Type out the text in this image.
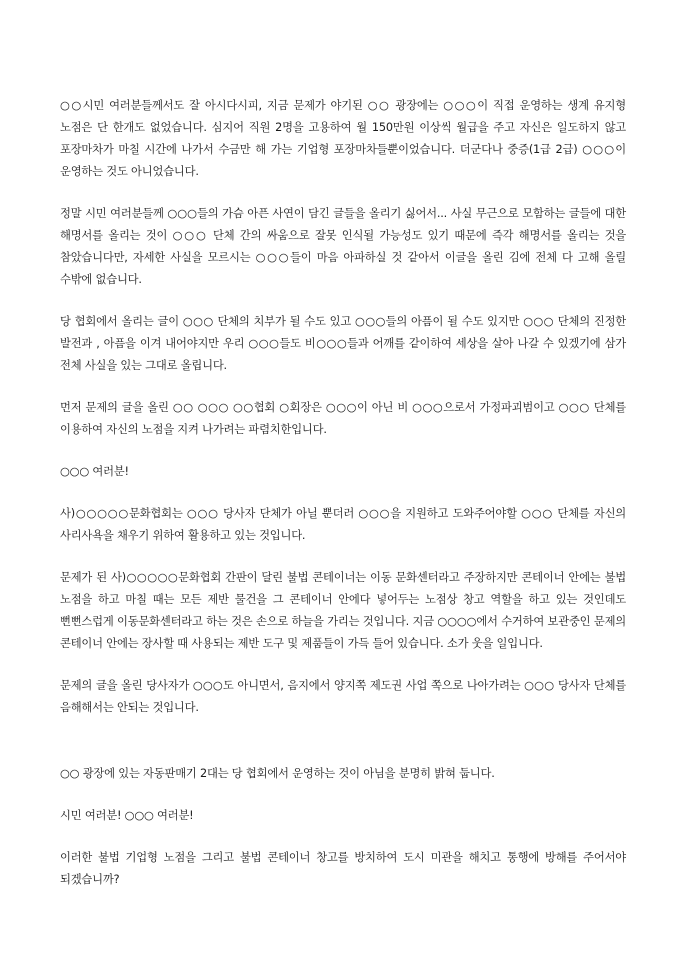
○○시민 여러분들께서도 잘 아시다시피, 지금 문제가 야기된 ○○ 광장에는 ○○○이 직접 운영하는 생계 유지형 노점은 단 한개도 없었습니다. 심지어 직원 2명을 고용하여 월 150만원 이상씩 월급을 주고 자신은 일도하지 않고 포장마차가 마칠 시간에 나가서 수금만 해 가는 기업형 포장마차들뿐이었습니다. 더군다나 중증(1급 2급) ○○○이 운영하는 것도 아니었습니다.

정말 시민 여러분들께 ○○○들의 가슴 아픈 사연이 담긴 글들을 올리기 싫어서... 사실 무근으로 모함하는 글들에 대한 해명서를 올리는 것이 ○○○ 단체 간의 싸움으로 잘못 인식될 가능성도 있기 때문에 즉각 해명서를 올리는 것을 참았습니다만, 자세한 사실을 모르시는 ○○○들이 마음 아파하실 것 같아서 이글을 올린 김에 전체 다 고해 올릴 수밖에 없습니다.

당 협회에서 올리는 글이 ○○○ 단체의 치부가 될 수도 있고 ○○○들의 아픔이 될 수도 있지만 ○○○ 단체의 진정한 발전과 , 아픔을 이겨 내어야지만 우리 ○○○들도 비○○○들과 어깨를 같이하여 세상을 살아 나갈 수 있겠기에 삼가 전체 사실을 있는 그대로 올립니다.

먼저 문제의 글을 올린 ○○ ○○○ ○○협회 ○회장은 ○○○이 아닌 비 ○○○으로서 가정파괴범이고 ○○○ 단체를 이용하여 자신의 노점을 지켜 나가려는 파렴치한입니다.

○○○ 여러분!

사)○○○○○문화협회는 ○○○ 당사자 단체가 아닐 뿐더러 ○○○을 지원하고 도와주어야할 ○○○ 단체를 자신의 사리사욕을 채우기 위하여 활용하고 있는 것입니다.

문제가 된 사)○○○○○문화협회 간판이 달린 불법 콘테이너는 이동 문화센터라고 주장하지만 콘테이너 안에는 불법 노점을 하고 마칠 때는 모든 제반 물건을 그 콘테이너 안에다 넣어두는 노점상 창고 역할을 하고 있는 것인데도 뻔뻔스럽게 이동문화센터라고 하는 것은 손으로 하늘을 가리는 것입니다. 지금 ○○○○에서 수거하여 보관중인 문제의 콘테이너 안에는 장사할 때 사용되는 제반 도구 및 제품들이 가득 들어 있습니다. 소가 웃을 일입니다.

문제의 글을 올린 당사자가 ○○○도 아니면서, 음지에서 양지쪽 제도권 사업 쪽으로 나아가려는 ○○○ 당사자 단체를 음해해서는 안되는 것입니다.

○○ 광장에 있는 자동판매기 2대는 당 협회에서 운영하는 것이 아님을 분명히 밝혀 둡니다.

시민 여러분! ○○○ 여러분!

이러한 불법 기업형 노점을 그리고 불법 콘테이너 창고를 방치하여 도시 미관을 해치고 통행에 방해를 주어서야 되겠습니까?
